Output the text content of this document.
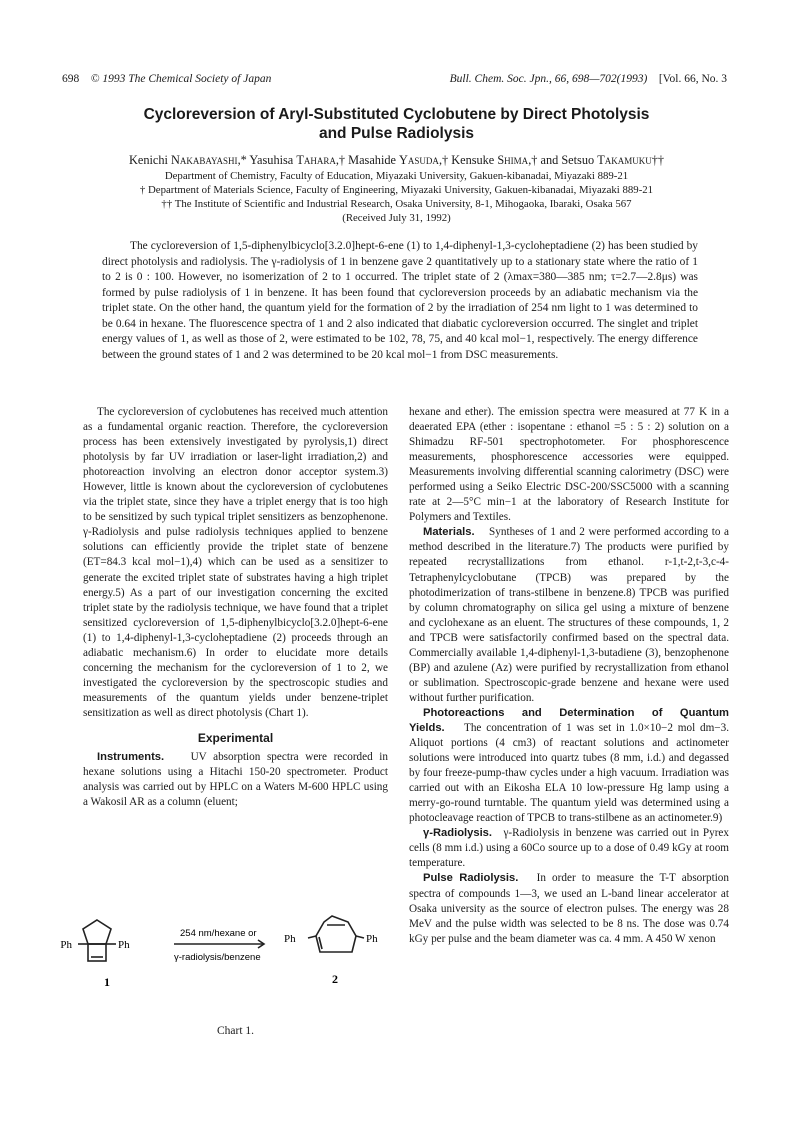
698 © 1993 The Chemical Society of Japan	Bull. Chem. Soc. Jpn., 66, 698—702(1993) [Vol. 66, No. 3
Cycloreversion of Aryl-Substituted Cyclobutene by Direct Photolysis
and Pulse Radiolysis
Kenichi Nakabayashi,* Yasuhisa Tahara,† Masahide Yasuda,† Kensuke Shima,† and Setsuo Takamuku††
Department of Chemistry, Faculty of Education, Miyazaki University, Gakuen-kibanadai, Miyazaki 889-21
† Department of Materials Science, Faculty of Engineering, Miyazaki University, Gakuen-kibanadai, Miyazaki 889-21
†† The Institute of Scientific and Industrial Research, Osaka University, 8-1, Mihogaoka, Ibaraki, Osaka 567
(Received July 31, 1992)
The cycloreversion of 1,5-diphenylbicyclo[3.2.0]hept-6-ene (1) to 1,4-diphenyl-1,3-cycloheptadiene (2) has been studied by direct photolysis and radiolysis. The γ-radiolysis of 1 in benzene gave 2 quantitatively up to a stationary state where the ratio of 1 to 2 is 0 : 100. However, no isomerization of 2 to 1 occurred. The triplet state of 2 (λmax=380—385 nm; τ=2.7—2.8μs) was formed by pulse radiolysis of 1 in benzene. It has been found that cycloreversion proceeds by an adiabatic mechanism via the triplet state. On the other hand, the quantum yield for the formation of 2 by the irradiation of 254 nm light to 1 was determined to be 0.64 in hexane. The fluorescence spectra of 1 and 2 also indicated that diabatic cycloreversion occurred. The singlet and triplet energy values of 1, as well as those of 2, were estimated to be 102, 78, 75, and 40 kcal mol−1, respectively. The energy difference between the ground states of 1 and 2 was determined to be 20 kcal mol−1 from DSC measurements.

The cycloreversion of cyclobutenes has received much attention as a fundamental organic reaction. Therefore, the cycloreversion process has been extensively investigated by pyrolysis,1) direct photolysis by far UV irradiation or laser-light irradiation,2) and photoreaction involving an electron donor acceptor system.3) However, little is known about the cycloreversion of cyclobutenes via the triplet state, since they have a triplet energy that is too high to be sensitized by such typical triplet sensitizers as benzophenone. γ-Radiolysis and pulse radiolysis techniques applied to benzene solutions can efficiently provide the triplet state of benzene (ET=84.3 kcal mol−1),4) which can be used as a sensitizer to generate the excited triplet state of substrates having a high triplet energy.5) As a part of our investigation concerning the excited triplet state by the radiolysis technique, we have found that a triplet sensitized cycloreversion of 1,5-diphenylbicyclo[3.2.0]hept-6-ene (1) to 1,4-diphenyl-1,3-cycloheptadiene (2) proceeds through an adiabatic mechanism.6) In order to elucidate more details concerning the mechanism for the cycloreversion of 1 to 2, we investigated the cycloreversion by the spectroscopic studies and measurements of the quantum yields under benzene-triplet sensitization as well as direct photolysis (Chart 1).

Experimental

Instruments. UV absorption spectra were recorded in hexane solutions using a Hitachi 150-20 spectrometer. Product analysis was carried out by HPLC on a Waters M-600 HPLC using a Wakosil AR as a column (eluent;

Ph	Ph
254 nm/hexane or
γ-radiolysis/benzene
Ph	Ph
1	2
Chart 1.

hexane and ether). The emission spectra were measured at 77 K in a deaerated EPA (ether : isopentane : ethanol =5 : 5 : 2) solution on a Shimadzu RF-501 spectrophotometer. For phosphorescence measurements, phosphorescence accessories were equipped. Measurements involving differential scanning calorimetry (DSC) were performed using a Seiko Electric DSC-200/SSC5000 with a scanning rate at 2—5°C min−1 at the laboratory of Research Institute for Polymers and Textiles.

Materials. Syntheses of 1 and 2 were performed according to a method described in the literature.7) The products were purified by repeated recrystallizations from ethanol. r-1,t-2,t-3,c-4-Tetraphenylcyclobutane (TPCB) was prepared by the photodimerization of trans-stilbene in benzene.8) TPCB was purified by column chromatography on silica gel using a mixture of benzene and cyclohexane as an eluent. The structures of these compounds, 1, 2 and TPCB were satisfactorily confirmed based on the spectral data. Commercially available 1,4-diphenyl-1,3-butadiene (3), benzophenone (BP) and azulene (Az) were purified by recrystallization from ethanol or sublimation. Spectroscopic-grade benzene and hexane were used without further purification.

Photoreactions and Determination of Quantum Yields. The concentration of 1 was set in 1.0×10−2 mol dm−3. Aliquot portions (4 cm3) of reactant solutions and actinometer solutions were introduced into quartz tubes (8 mm, i.d.) and degassed by four freeze-pump-thaw cycles under a high vacuum. Irradiation was carried out with an Eikosha ELA 10 low-pressure Hg lamp using a merry-go-round turntable. The quantum yield was determined using a photocleavage reaction of TPCB to trans-stilbene as an actinometer.9)

γ-Radiolysis. γ-Radiolysis in benzene was carried out in Pyrex cells (8 mm i.d.) using a 60Co source up to a dose of 0.49 kGy at room temperature.

Pulse Radiolysis. In order to measure the T-T absorption spectra of compounds 1—3, we used an L-band linear accelerator at Osaka university as the source of electron pulses. The energy was 28 MeV and the pulse width was selected to be 8 ns. The dose was 0.74 kGy per pulse and the beam diameter was ca. 4 mm. A 450 W xenon
